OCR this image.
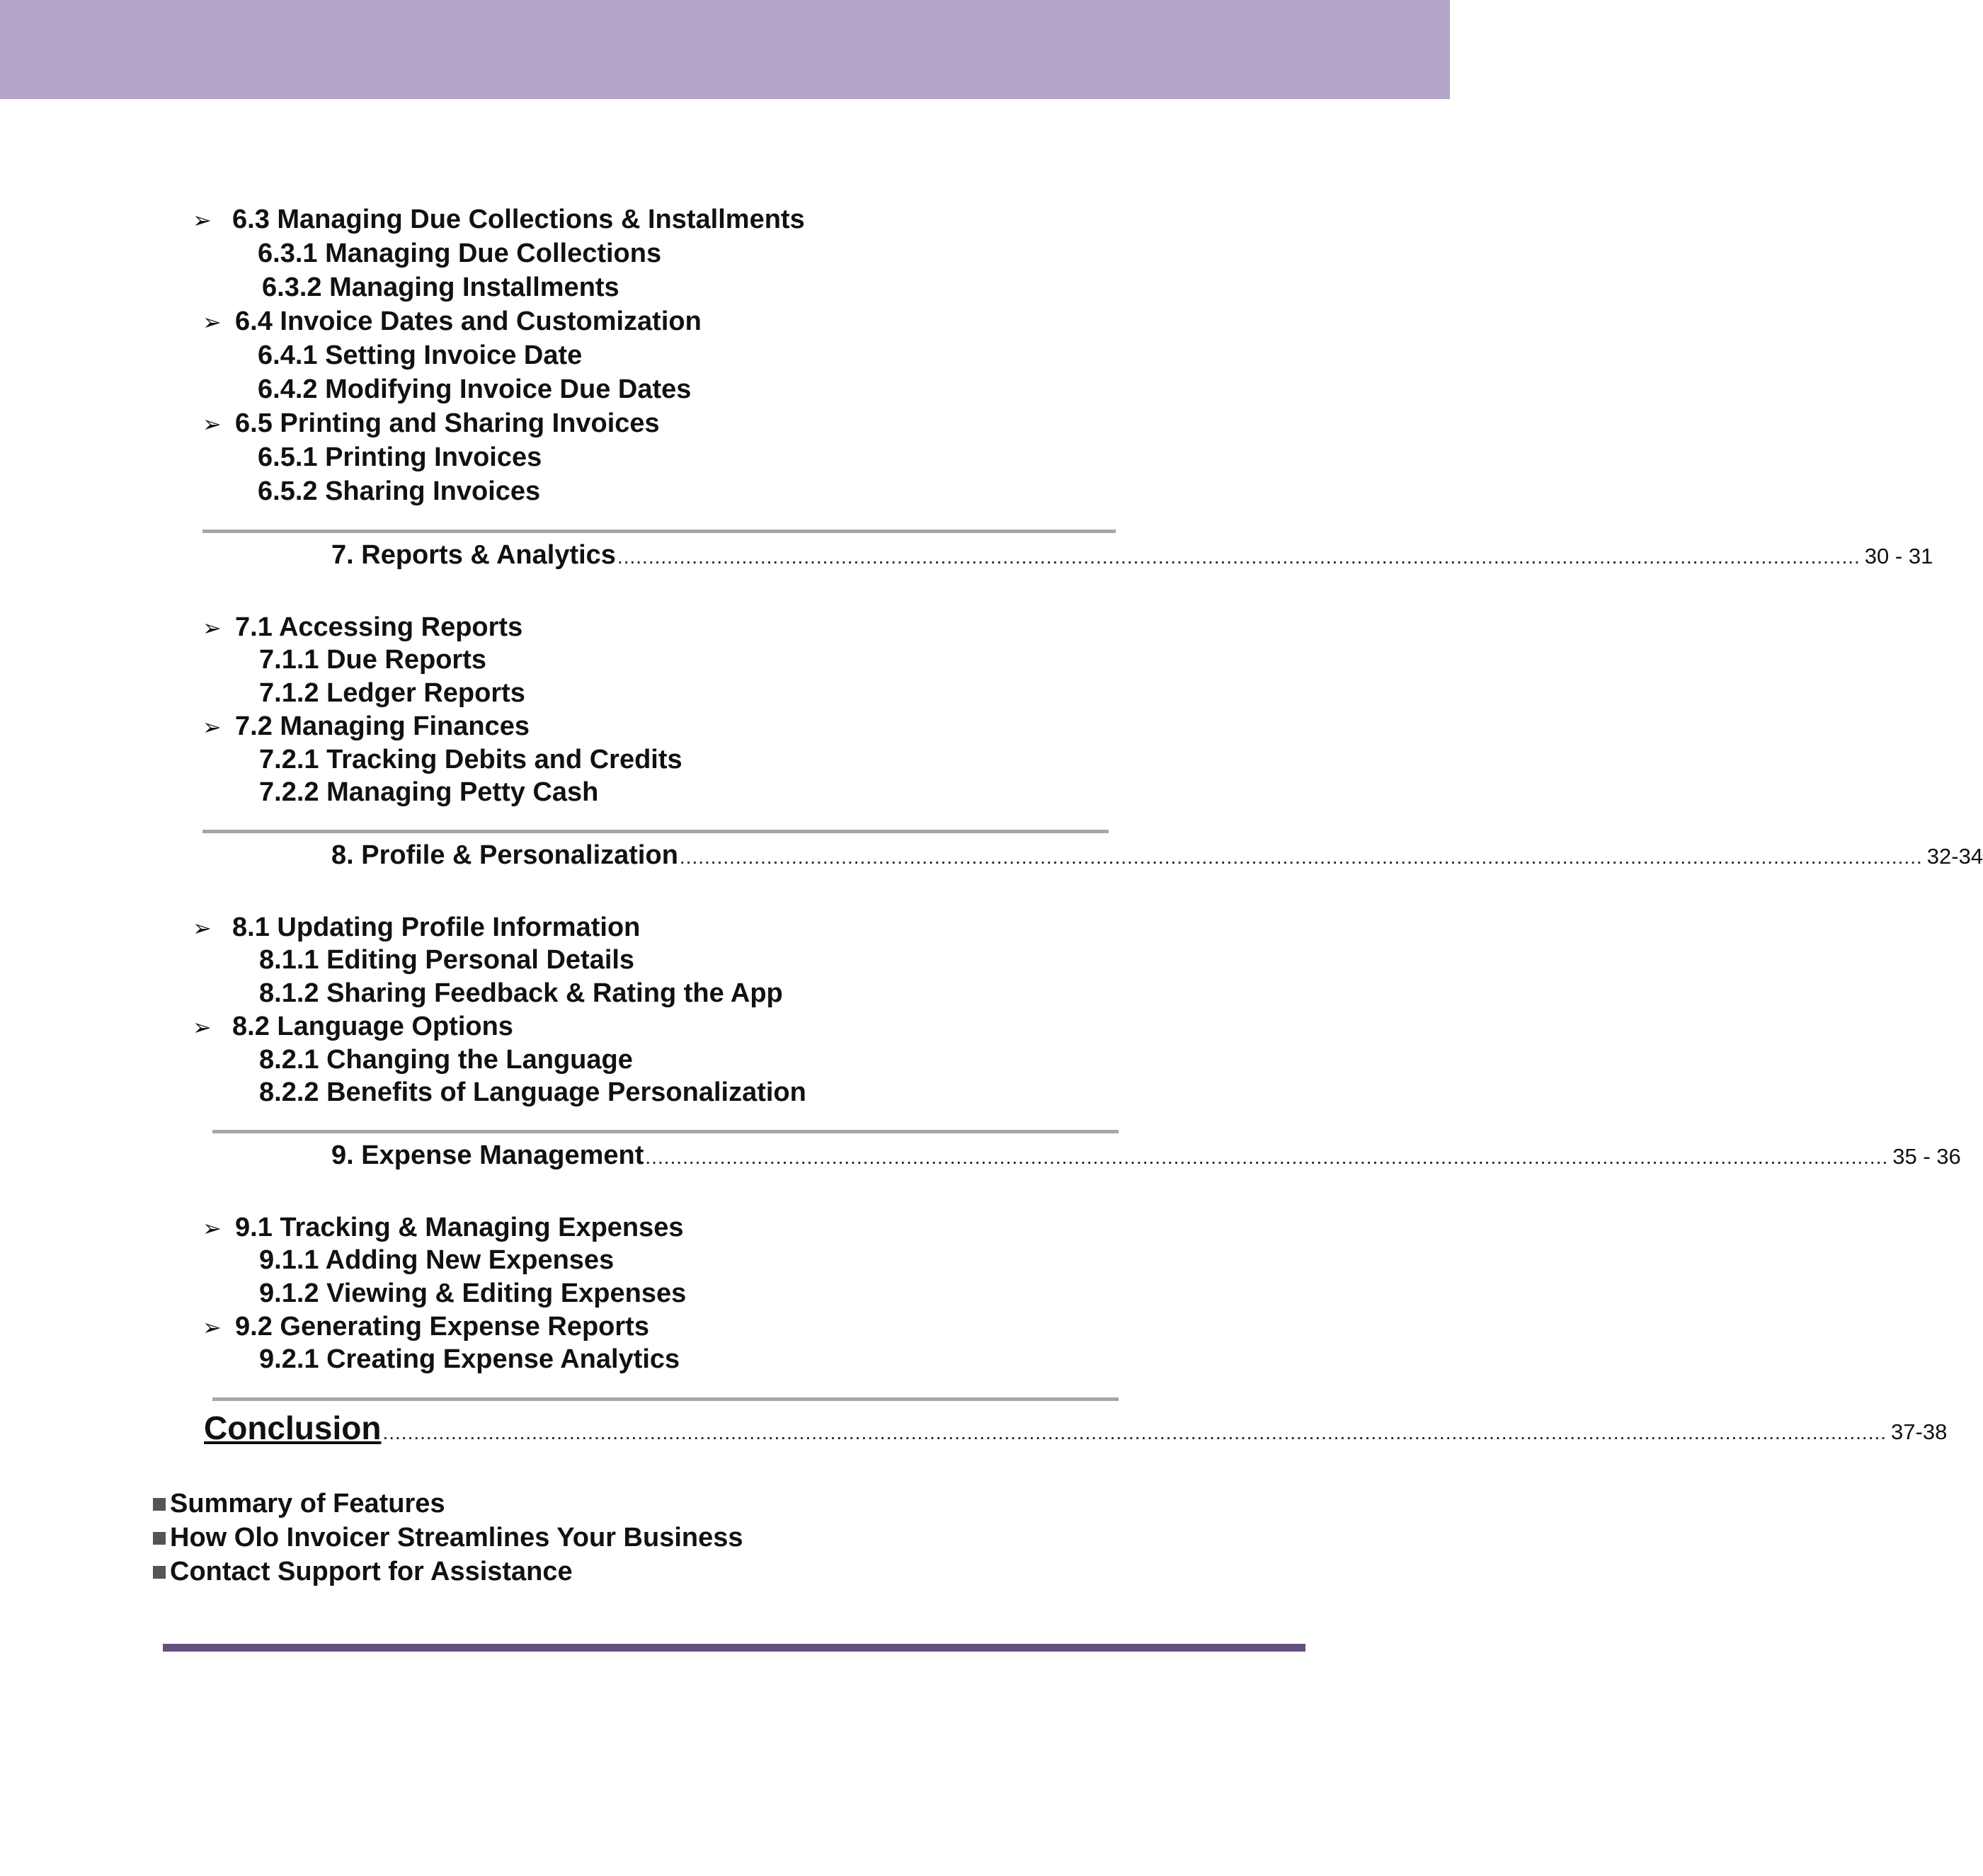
➢ 6.3 Managing Due Collections & Installments
6.3.1 Managing Due Collections
6.3.2 Managing Installments
➢ 6.4 Invoice Dates and Customization
6.4.1 Setting Invoice Date
6.4.2 Modifying Invoice Due Dates
➢ 6.5 Printing and Sharing Invoices
6.5.1 Printing Invoices
6.5.2 Sharing Invoices
7. Reports & Analytics ........................................................................................................................................................................................................ 30 - 31
➢ 7.1 Accessing Reports
7.1.1 Due Reports
7.1.2 Ledger Reports
➢ 7.2 Managing Finances
7.2.1 Tracking Debits and Credits
7.2.2 Managing Petty Cash
8. Profile & Personalization ........................................................................................................................................................................................................ 32-34
➢ 8.1 Updating Profile Information
8.1.1 Editing Personal Details
8.1.2 Sharing Feedback & Rating the App
➢ 8.2 Language Options
8.2.1 Changing the Language
8.2.2 Benefits of Language Personalization
9. Expense Management ........................................................................................................................................................................................................ 35 - 36
➢ 9.1 Tracking & Managing Expenses
9.1.1 Adding New Expenses
9.1.2 Viewing & Editing Expenses
➢ 9.2 Generating Expense Reports
9.2.1 Creating Expense Analytics
Conclusion .................................................................................................................................................................................................................................................. 37-38
Summary of Features
How Olo Invoicer Streamlines Your Business
Contact Support for Assistance
